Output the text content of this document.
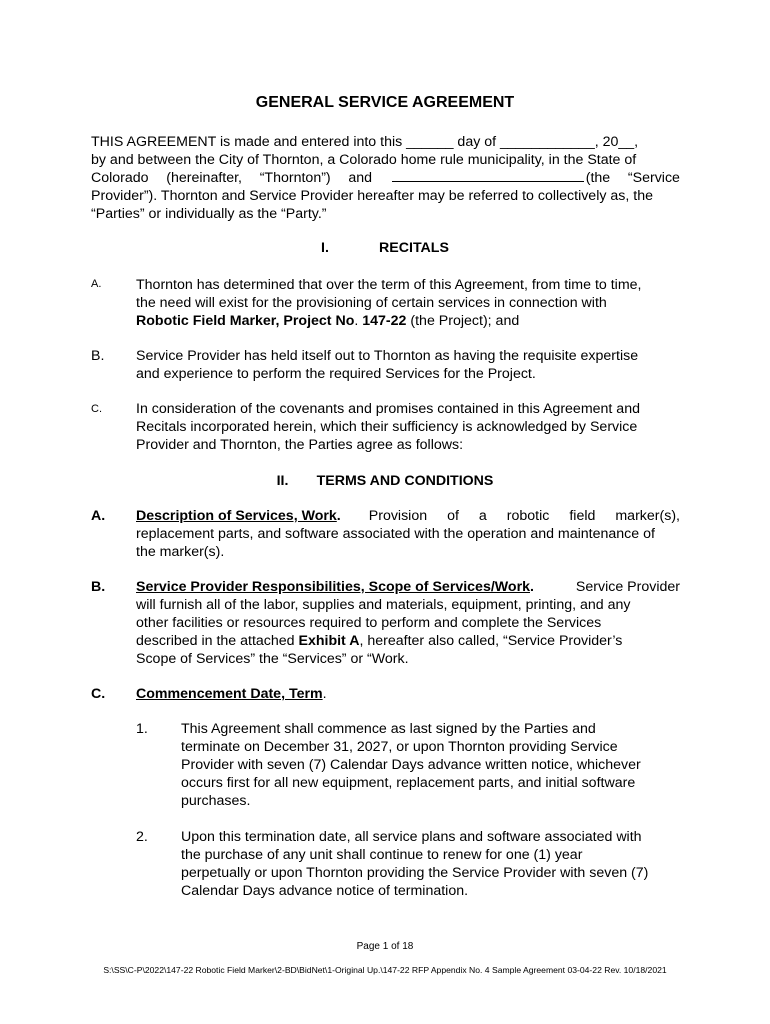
GENERAL SERVICE AGREEMENT
THIS AGREEMENT is made and entered into this ______ day of ____________, 20__,
by and between the City of Thornton, a Colorado home rule municipality, in the State of
Colorado (hereinafter, “Thornton”) and	(the “Service
Provider”). Thornton and Service Provider hereafter may be referred to collectively as, the
“Parties” or individually as the “Party.”
I.	RECITALS
A. Thornton has determined that over the term of this Agreement, from time to time,
the need will exist for the provisioning of certain services in connection with
Robotic Field Marker, Project No. 147-22 (the Project); and
B. Service Provider has held itself out to Thornton as having the requisite expertise
and experience to perform the required Services for the Project.
C. In consideration of the covenants and promises contained in this Agreement and
Recitals incorporated herein, which their sufficiency is acknowledged by Service
Provider and Thornton, the Parties agree as follows:
II. TERMS AND CONDITIONS
A. Description of Services, Work. Provision of a robotic field marker(s),
replacement parts, and software associated with the operation and maintenance of
the marker(s).
B. Service Provider Responsibilities, Scope of Services/Work.	Service Provider
will furnish all of the labor, supplies and materials, equipment, printing, and any
other facilities or resources required to perform and complete the Services
described in the attached Exhibit A, hereafter also called, “Service Provider’s
Scope of Services” the “Services” or “Work.
C. Commencement Date, Term.
1. This Agreement shall commence as last signed by the Parties and
terminate on December 31, 2027, or upon Thornton providing Service
Provider with seven (7) Calendar Days advance written notice, whichever
occurs first for all new equipment, replacement parts, and initial software
purchases.
2. Upon this termination date, all service plans and software associated with
the purchase of any unit shall continue to renew for one (1) year
perpetually or upon Thornton providing the Service Provider with seven (7)
Calendar Days advance notice of termination.
Page 1 of 18
S:\SS\C-P\2022\147-22 Robotic Field Marker\2-BD\BidNet\1-Original Up.\147-22 RFP Appendix No. 4 Sample Agreement 03-04-22 Rev. 10/18/2021
